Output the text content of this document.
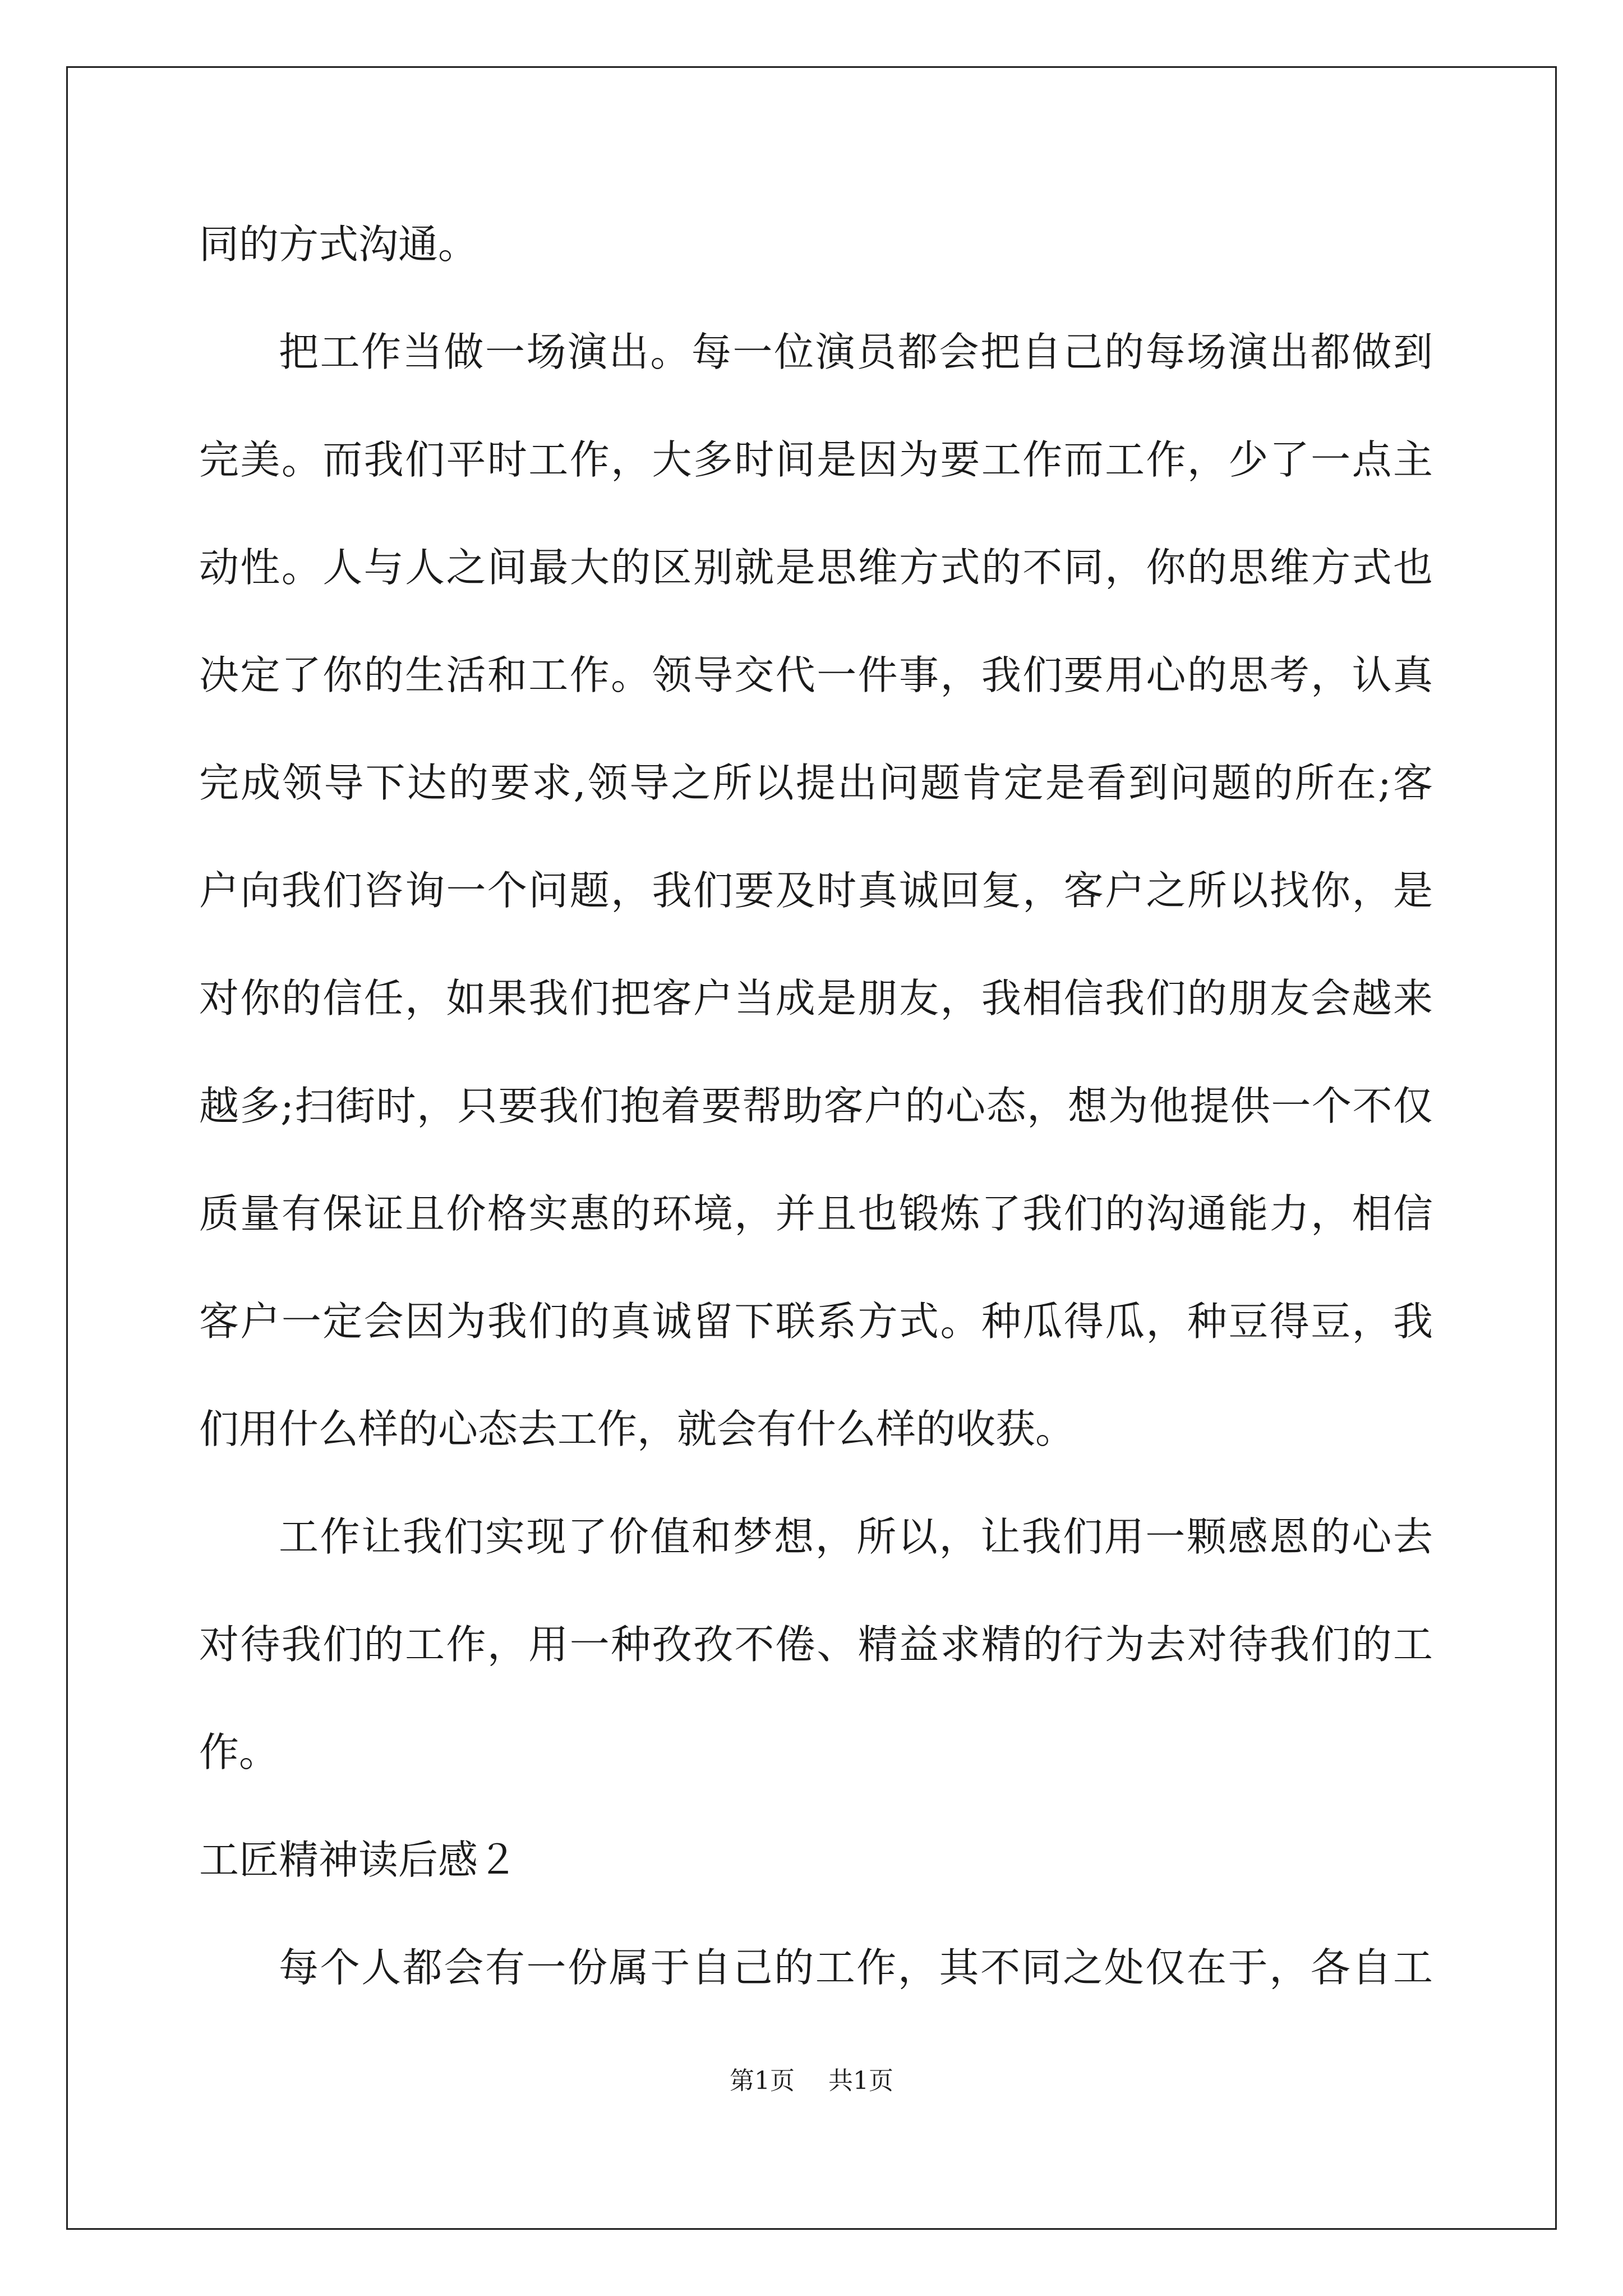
同的方式沟通。
把工作当做一场演出。每一位演员都会把自己的每场演出都做到
完美。而我们平时工作，大多时间是因为要工作而工作，少了一点主
动性。人与人之间最大的区别就是思维方式的不同，你的思维方式也
决定了你的生活和工作。领导交代一件事，我们要用心的思考，认真
完成领导下达的要求,领导之所以提出问题肯定是看到问题的所在;客
户向我们咨询一个问题，我们要及时真诚回复，客户之所以找你，是
对你的信任，如果我们把客户当成是朋友，我相信我们的朋友会越来
越多;扫街时，只要我们抱着要帮助客户的心态，想为他提供一个不仅
质量有保证且价格实惠的环境，并且也锻炼了我们的沟通能力，相信
客户一定会因为我们的真诚留下联系方式。种瓜得瓜，种豆得豆，我
们用什么样的心态去工作，就会有什么样的收获。
工作让我们实现了价值和梦想，所以，让我们用一颗感恩的心去
对待我们的工作，用一种孜孜不倦、精益求精的行为去对待我们的工
作。
工匠精神读后感２
每个人都会有一份属于自己的工作，其不同之处仅在于，各自工
第1页 共1页
